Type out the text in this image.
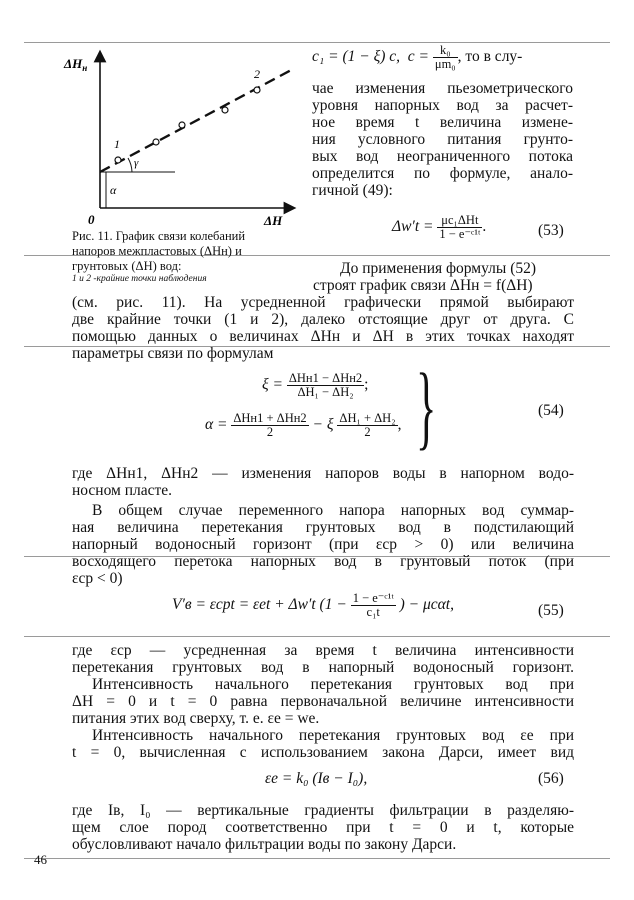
$\Delta H_н$
ΔH
0
1
2
γ
α
Рис. 11. График связи колебаний
напоров межпластовых (ΔHн) и
грунтовых (ΔH) вод:
1 и 2 -крайние точки наблюдения
c₁ = (1 − ξ) c, $c = \frac{\text{k₀}}{\text{μm₀}}$ , то в слу-
чае изменения пьезометрического
уровня напорных вод за расчет-
ное время t величина измене-
ния условного питания грунто-
вых вод неограниченного потока
определится по формуле, анало-
гичной (49):
$\Delta w't = \frac{\text{μc₁ΔHt}}{\text{1 − e⁻ᶜ¹ᵗ}}$ .	(53)
До применения формулы (52)
строят график связи ΔHн = f(ΔH)
(см. рис. 11). На усредненной графически прямой выбирают
две крайние точки (1 и 2), далеко отстоящие друг от друга. С
помощью данных о величинах ΔHн и ΔH в этих точках находят
параметры связи по формулам
$\xi = \frac{\text{ΔHн1 − ΔHн2}}{\text{ΔH₁ − ΔH₂}}$ ;
$\alpha = \frac{\text{ΔHн1 + ΔHн2}}{2} - \xi \frac{\text{ΔH₁ + ΔH₂}}{2}$ , }	(54)
где ΔHн1, ΔHн2 — изменения напоров воды в напорном водо-
носном пласте.
В общем случае переменного напора напорных вод суммар-
ная величина перетекания грунтовых вод в подстилающий
напорный водоносный горизонт (при εср > 0) или величина
восходящего перетока напорных вод в грунтовый поток (при
εср < 0)
V′в = εсрt = εеt + Δw′t ($1 - \frac{\text{1 − e⁻ᶜ¹ᵗ}}{\text{c₁t}}$ ) − μcαt,	(55)
где εср — усредненная за время t величина интенсивности
перетекания грунтовых вод в напорный водоносный горизонт.
Интенсивность начального перетекания грунтовых вод при
ΔH = 0 и t = 0 равна первоначальной величине интенсивности
питания этих вод сверху, т. е. εе = wе.
Интенсивность начального перетекания грунтовых вод εе при
t = 0, вычисленная с использованием закона Дарси, имеет вид
εе = k₀ (Iв − I₀),	(56)
где Iв, I₀ — вертикальные градиенты фильтрации в разделяю-
щем слое пород соответственно при t = 0 и t, которые
обусловливают начало фильтрации воды по закону Дарси.
46
